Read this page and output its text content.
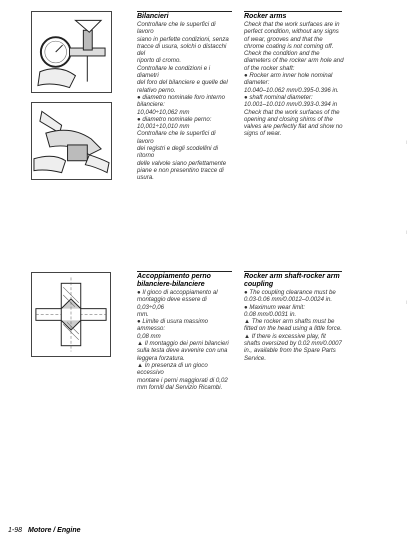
Bilancieri

Controllare che le superfici di lavoro

siano in perfette condizioni, senza

tracce di usura, solchi o distacchi del

riporto di cromo.

Controllare le condizioni e i diametri

del foro del bilanciere e quelle del

relativo perno.

● diametro nominale foro interno

bilanciere:

10,040÷10,062 mm

● diametro nominale perno:

10,001÷10,010 mm

Controllare che le superfici di lavoro

dei registri e degli scodellini di ritorno

delle valvole siano perfettamente

piane e non presentino tracce di

usura.

Rocker arms

Check that the work surfaces are in

perfect condition, without any signs

of wear, grooves and that the

chrome coating is not coming off.

Check the condition and the

diameters of the rocker arm hole and

of the rocker shaft:

● Rocker arm inner hole nominal

diameter:

10.040–10.062 mm/0.395-0.396 in.

● shaft nominal diameter:

10.001–10.010 mm/0.393-0.394 in

Check that the work surfaces of the

opening and closing shims of the

valves are perfectly flat and show no

signs of wear.

Accoppiamento perno
bilanciere-bilanciere

● Il gioco di accoppiamento al

montaggio deve essere di 0,03÷0,06

mm.

● Limite di usura massimo

ammesso:

0,08 mm

▲ Il montaggio dei perni bilancieri

sulla testa deve avvenire con una

leggera forzatura.

▲ In presenza di un gioco eccessivo

montare i perni maggiorati di 0,02

mm forniti dal Servizio Ricambi.

Rocker arm shaft-rocker arm
coupling

● The coupling clearance must be

0.03-0.06 mm/0.0012–0.0024 in.

● Maximum wear limit:

0.08 mm/0.0031 in.

▲ The rocker arm shafts must be

fitted on the head using a little force.

▲ If there is excessive play, fit

shafts oversized by 0.02 mm/0.0007

in., available from the Spare Parts

Service.

|
|
|
1-98 Motore / Engine
